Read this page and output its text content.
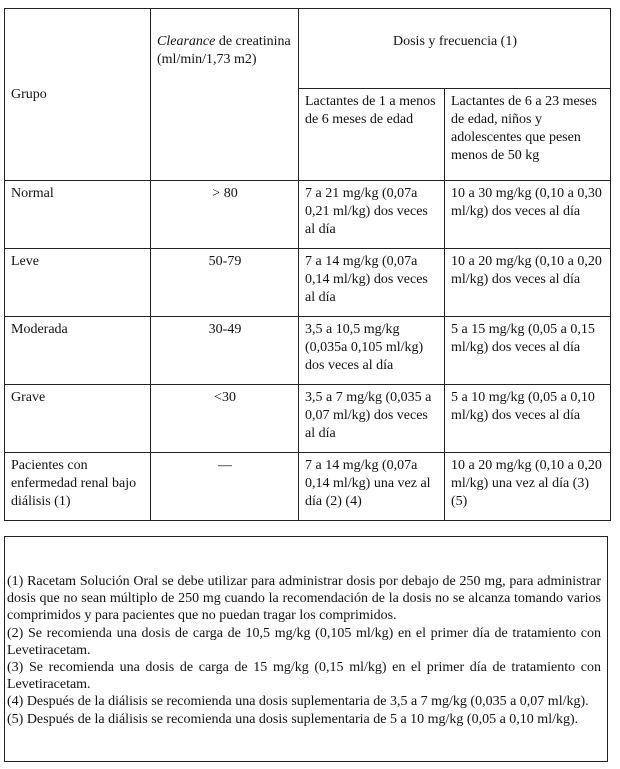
Grupo	Clearance de creatinina (ml/min/1,73 m2)	Dosis y frecuencia (1)	
		Lactantes de 1 a menos de 6 meses de edad	Lactantes de 6 a 23 meses de edad, niños y adolescentes que pesen menos de 50 kg
Normal	> 80	7 a 21 mg/kg (0,07a 0,21 ml/kg) dos veces al día	10 a 30 mg/kg (0,10 a 0,30 ml/kg) dos veces al día
Leve	50-79	7 a 14 mg/kg (0,07a 0,14 ml/kg) dos veces al día	10 a 20 mg/kg (0,10 a 0,20 ml/kg) dos veces al día
Moderada	30-49	3,5 a 10,5 mg/kg (0,035a 0,105 ml/kg) dos veces al día	5 a 15 mg/kg (0,05 a 0,15 ml/kg) dos veces al día
Grave	<30	3,5 a 7 mg/kg (0,035 a 0,07 ml/kg) dos veces al día	5 a 10 mg/kg (0,05 a 0,10 ml/kg) dos veces al día
Pacientes con enfermedad renal bajo diálisis (1)	—	7 a 14 mg/kg (0,07a 0,14 ml/kg) una vez al día (2) (4)	10 a 20 mg/kg (0,10 a 0,20 ml/kg) una vez al día (3) (5)

(1) Racetam Solución Oral se debe utilizar para administrar dosis por debajo de 250 mg, para administrar dosis que no sean múltiplo de 250 mg cuando la recomendación de la dosis no se alcanza tomando varios comprimidos y para pacientes que no puedan tragar los comprimidos.

(2) Se recomienda una dosis de carga de 10,5 mg/kg (0,105 ml/kg) en el primer día de tratamiento con Levetiracetam.

(3) Se recomienda una dosis de carga de 15 mg/kg (0,15 ml/kg) en el primer día de tratamiento con Levetiracetam.

(4) Después de la diálisis se recomienda una dosis suplementaria de 3,5 a 7 mg/kg (0,035 a 0,07 ml/kg).

(5) Después de la diálisis se recomienda una dosis suplementaria de 5 a 10 mg/kg (0,05 a 0,10 ml/kg).
